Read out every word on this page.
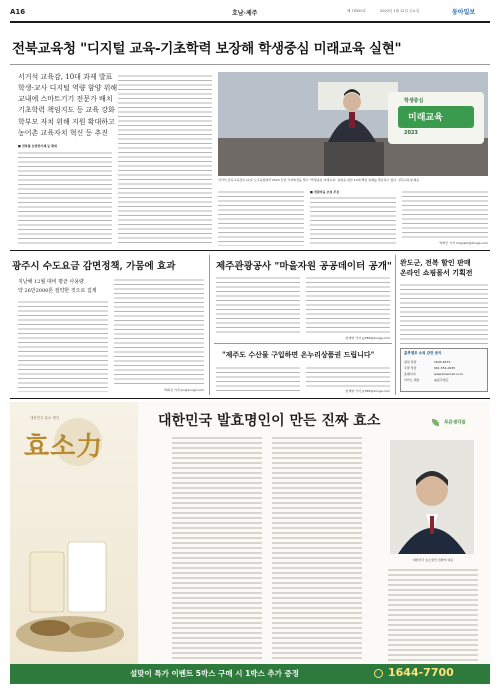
A16	호남·제주	제 70520호	2023년 1월 12일 금요일	동아일보
전북교육청 "디지털 교육-기초학력 보장해 학생중심 미래교육 실현"
서거석 교육감, 10대 과제 발표
학생-교사 디지털 역량 함양 위해
교내에 스마트기기 전문가 배치
기초학력 책임지도 등 교육 강화
학부모 자치 위해 지원 확대하고
농어촌 교육자치 혁신 등 추진
■ 전북형 유연학기제 등 확대
학생중심
미래교육
2023
서거석 전북교육감이 11일 도교육청에서 2023 신년 기자회견을 열고 "학생중심 미래교육" 실현을 위한 10대 핵심 과제를 발표하고 있다. 전북교육청 제공
■ 전원마을 조성 추진
박영민 기자 minpark@donga.com
광주시 수도요금 감면정책, 가뭄에 효과
지난해 12월 대비 평균 사용량
약 26만2000톤 절약한 것으로 집계
박희진 기자 jin@donga.com
제주관광공사 "마을자원 공공데이터 공개"
임재영 기자 jy788@donga.com
"제주도 수산물 구입하면 온누리상품권 드립니다"
임재영 기자 jy788@donga.com
완도군, 전복 할인 판매
온라인 쇼핑몰서 기획전
블루엠포 쇼핑 관련 문의
평일 상담	1644-6575
주말 상담	061-551-0035
홈페이지	www.bluemall.co.kr
카카오 채널	@블루엠포
대한민국 효소 명인
효소力
대한민국 발효명인이 만든 진짜 효소	푸른생각들
대한민국 효소명인 전완석 대표
설맞이 특가 이벤트 5박스 구매 시 1박스 추가 증정	1644-7700
